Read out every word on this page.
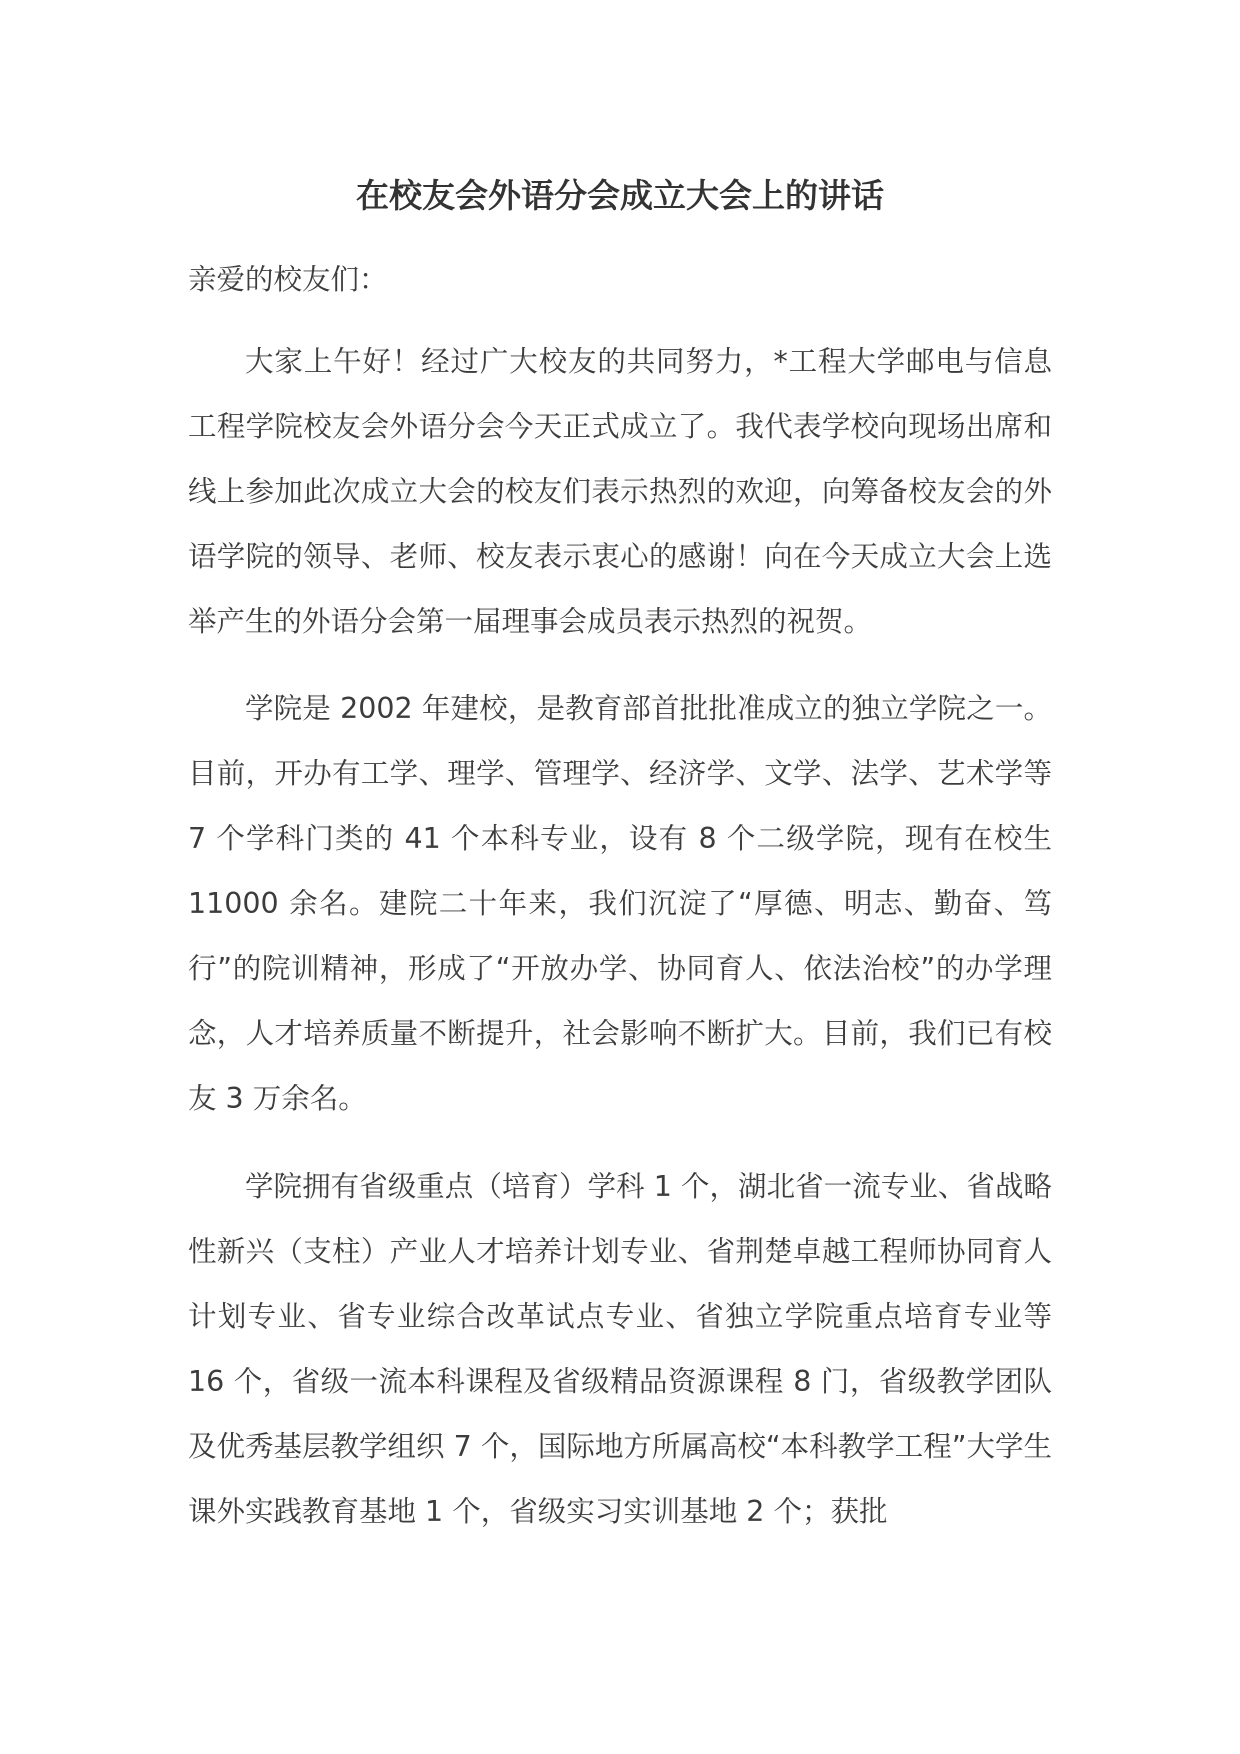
在校友会外语分会成立大会上的讲话

亲爱的校友们：

大家上午好！经过广大校友的共同努力，*工程大学邮电与信息工程学院校友会外语分会今天正式成立了。我代表学校向现场出席和线上参加此次成立大会的校友们表示热烈的欢迎，向筹备校友会的外语学院的领导、老师、校友表示衷心的感谢！向在今天成立大会上选举产生的外语分会第一届理事会成员表示热烈的祝贺。

学院是 2002 年建校，是教育部首批批准成立的独立学院之一。目前，开办有工学、理学、管理学、经济学、文学、法学、艺术学等 7 个学科门类的 41 个本科专业，设有 8 个二级学院，现有在校生 11000 余名。建院二十年来，我们沉淀了“厚德、明志、勤奋、笃行”的院训精神，形成了“开放办学、协同育人、依法治校”的办学理念，人才培养质量不断提升，社会影响不断扩大。目前，我们已有校友 3 万余名。

学院拥有省级重点（培育）学科 1 个，湖北省一流专业、省战略性新兴（支柱）产业人才培养计划专业、省荆楚卓越工程师协同育人计划专业、省专业综合改革试点专业、省独立学院重点培育专业等 16 个，省级一流本科课程及省级精品资源课程 8 门，省级教学团队及优秀基层教学组织 7 个，国际地方所属高校“本科教学工程”大学生课外实践教育基地 1 个，省级实习实训基地 2 个；获批
